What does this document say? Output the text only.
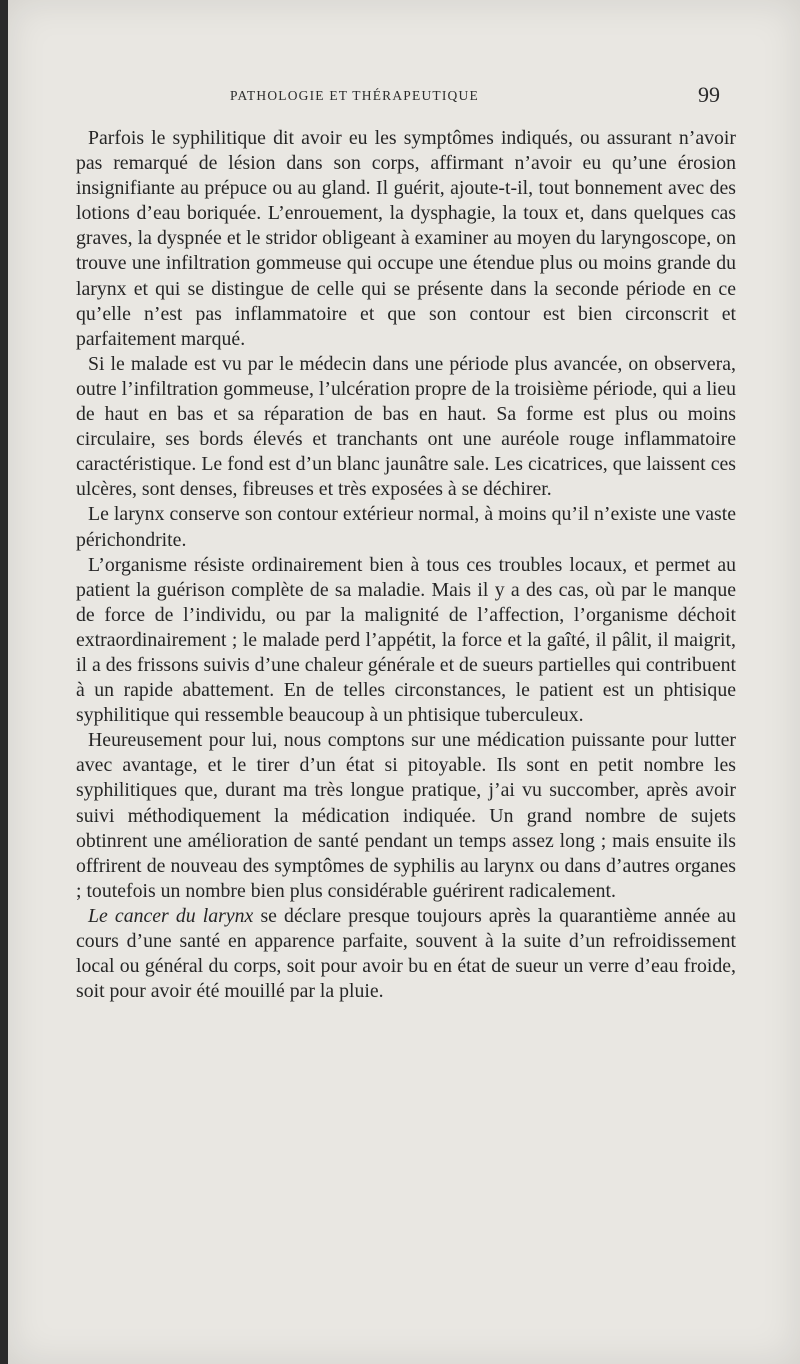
PATHOLOGIE ET THÉRAPEUTIQUE	99

Parfois le syphilitique dit avoir eu les symptômes indiqués, ou assurant n’avoir pas remarqué de lésion dans son corps, affirmant n’avoir eu qu’une érosion insignifiante au prépuce ou au gland. Il guérit, ajoute-t-il, tout bonnement avec des lotions d’eau boriquée. L’enrouement, la dysphagie, la toux et, dans quelques cas graves, la dyspnée et le stridor obligeant à examiner au moyen du laryngoscope, on trouve une infiltration gommeuse qui occupe une étendue plus ou moins grande du larynx et qui se distingue de celle qui se présente dans la seconde période en ce qu’elle n’est pas inflammatoire et que son contour est bien circonscrit et parfaitement marqué.

Si le malade est vu par le médecin dans une période plus avancée, on observera, outre l’infiltration gommeuse, l’ulcération propre de la troisième période, qui a lieu de haut en bas et sa réparation de bas en haut. Sa forme est plus ou moins circulaire, ses bords élevés et tranchants ont une auréole rouge inflammatoire caractéristique. Le fond est d’un blanc jaunâtre sale. Les cicatrices, que laissent ces ulcères, sont denses, fibreuses et très exposées à se déchirer.

Le larynx conserve son contour extérieur normal, à moins qu’il n’existe une vaste périchondrite.

L’organisme résiste ordinairement bien à tous ces troubles locaux, et permet au patient la guérison complète de sa maladie. Mais il y a des cas, où par le manque de force de l’individu, ou par la malignité de l’affection, l’organisme déchoit extraordinairement ; le malade perd l’appétit, la force et la gaîté, il pâlit, il maigrit, il a des frissons suivis d’une chaleur générale et de sueurs partielles qui contribuent à un rapide abattement. En de telles circonstances, le patient est un phtisique syphilitique qui ressemble beaucoup à un phtisique tuberculeux.

Heureusement pour lui, nous comptons sur une médication puissante pour lutter avec avantage, et le tirer d’un état si pitoyable. Ils sont en petit nombre les syphilitiques que, durant ma très longue pratique, j’ai vu succomber, après avoir suivi méthodiquement la médication indiquée. Un grand nombre de sujets obtinrent une amélioration de santé pendant un temps assez long ; mais ensuite ils offrirent de nouveau des symptômes de syphilis au larynx ou dans d’autres organes ; toutefois un nombre bien plus considérable guérirent radicalement.

Le cancer du larynx se déclare presque toujours après la quarantième année au cours d’une santé en apparence parfaite, souvent à la suite d’un refroidissement local ou général du corps, soit pour avoir bu en état de sueur un verre d’eau froide, soit pour avoir été mouillé par la pluie.
